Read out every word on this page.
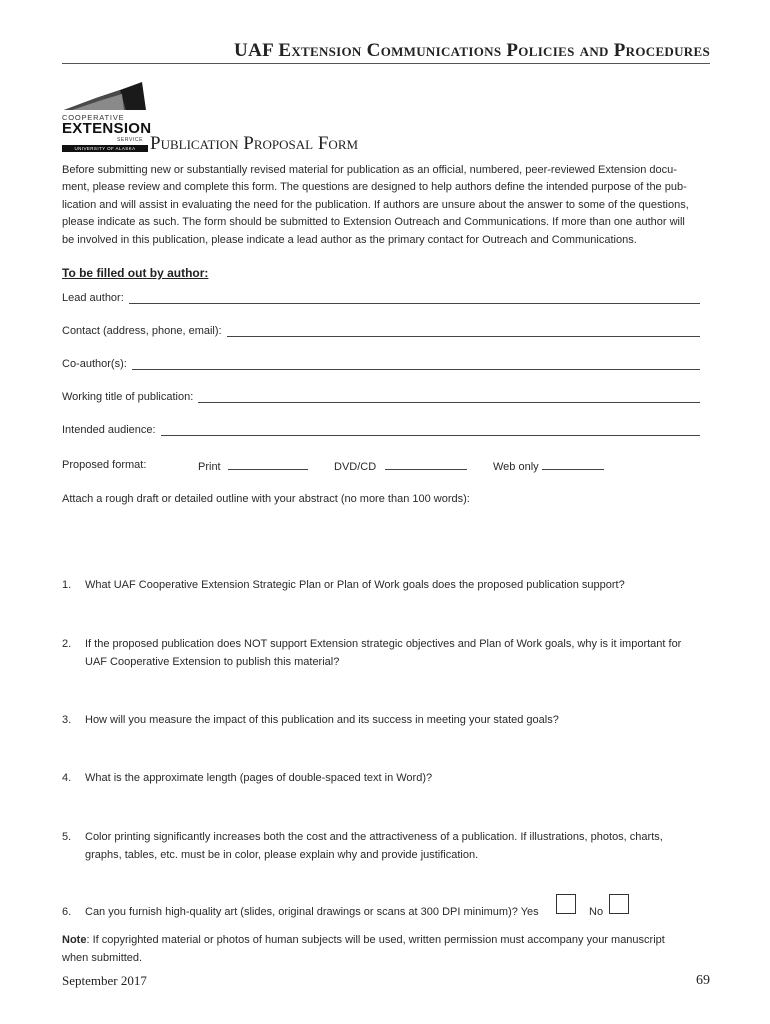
UAF Extension Communications Policies and Procedures
COOPERATIVE
EXTENSION
SERVICE
UNIVERSITY OF ALASKA FAIRBANKS
Publication Proposal Form
Before submitting new or substantially revised material for publication as an official, numbered, peer-reviewed Extension docu-
ment, please review and complete this form. The questions are designed to help authors define the intended purpose of the pub-
lication and will assist in evaluating the need for the publication. If authors are unsure about the answer to some of the questions,
please indicate as such. The form should be submitted to Extension Outreach and Communications. If more than one author will
be involved in this publication, please indicate a lead author as the primary contact for Outreach and Communications.
To be filled out by author:
Lead author:
Contact (address, phone, email):
Co-author(s):
Working title of publication:
Intended audience:
Proposed format:	Print	DVD/CD	Web only
Attach a rough draft or detailed outline with your abstract (no more than 100 words):
1.	What UAF Cooperative Extension Strategic Plan or Plan of Work goals does the proposed publication support?
2.	If the proposed publication does NOT support Extension strategic objectives and Plan of Work goals, why is it important for
UAF Cooperative Extension to publish this material?
3.	How will you measure the impact of this publication and its success in meeting your stated goals?
4.	What is the approximate length (pages of double-spaced text in Word)?
5.	Color printing significantly increases both the cost and the attractiveness of a publication. If illustrations, photos, charts,
graphs, tables, etc. must be in color, please explain why and provide justification.
6.	Can you furnish high-quality art (slides, original drawings or scans at 300 DPI minimum)? Yes	No
Note: If copyrighted material or photos of human subjects will be used, written permission must accompany your manuscript
when submitted.
September 2017	69
